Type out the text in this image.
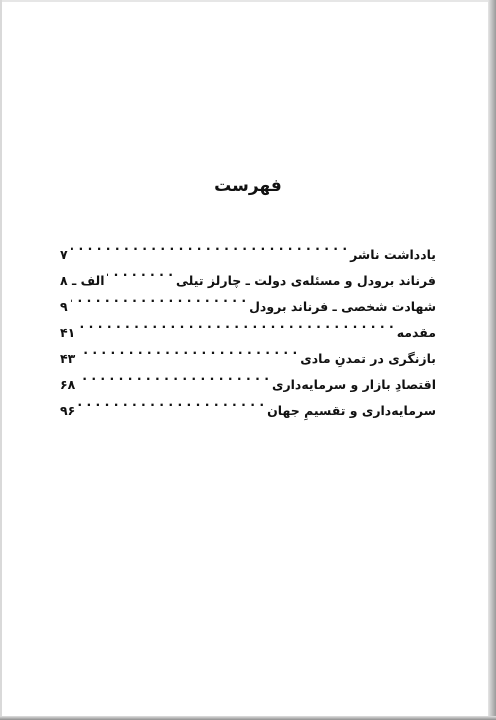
فهرست
یادداشت ناشر
. . .
۷
فرناند برودل و مسئله‌ی دولت ـ چارلز تیلی
. . .
الف ـ ۸
شهادت شخصی ـ فرناند برودل
. . .
۹
مقدمه
. . .
۴۱
بازنگری در تمدنِ مادی
. . .
۴۳
اقتصادِ بازار و سرمایه‌داری
. . .
۶۸
سرمایه‌داری و تقسیمِ جهان
. . .
۹۶
